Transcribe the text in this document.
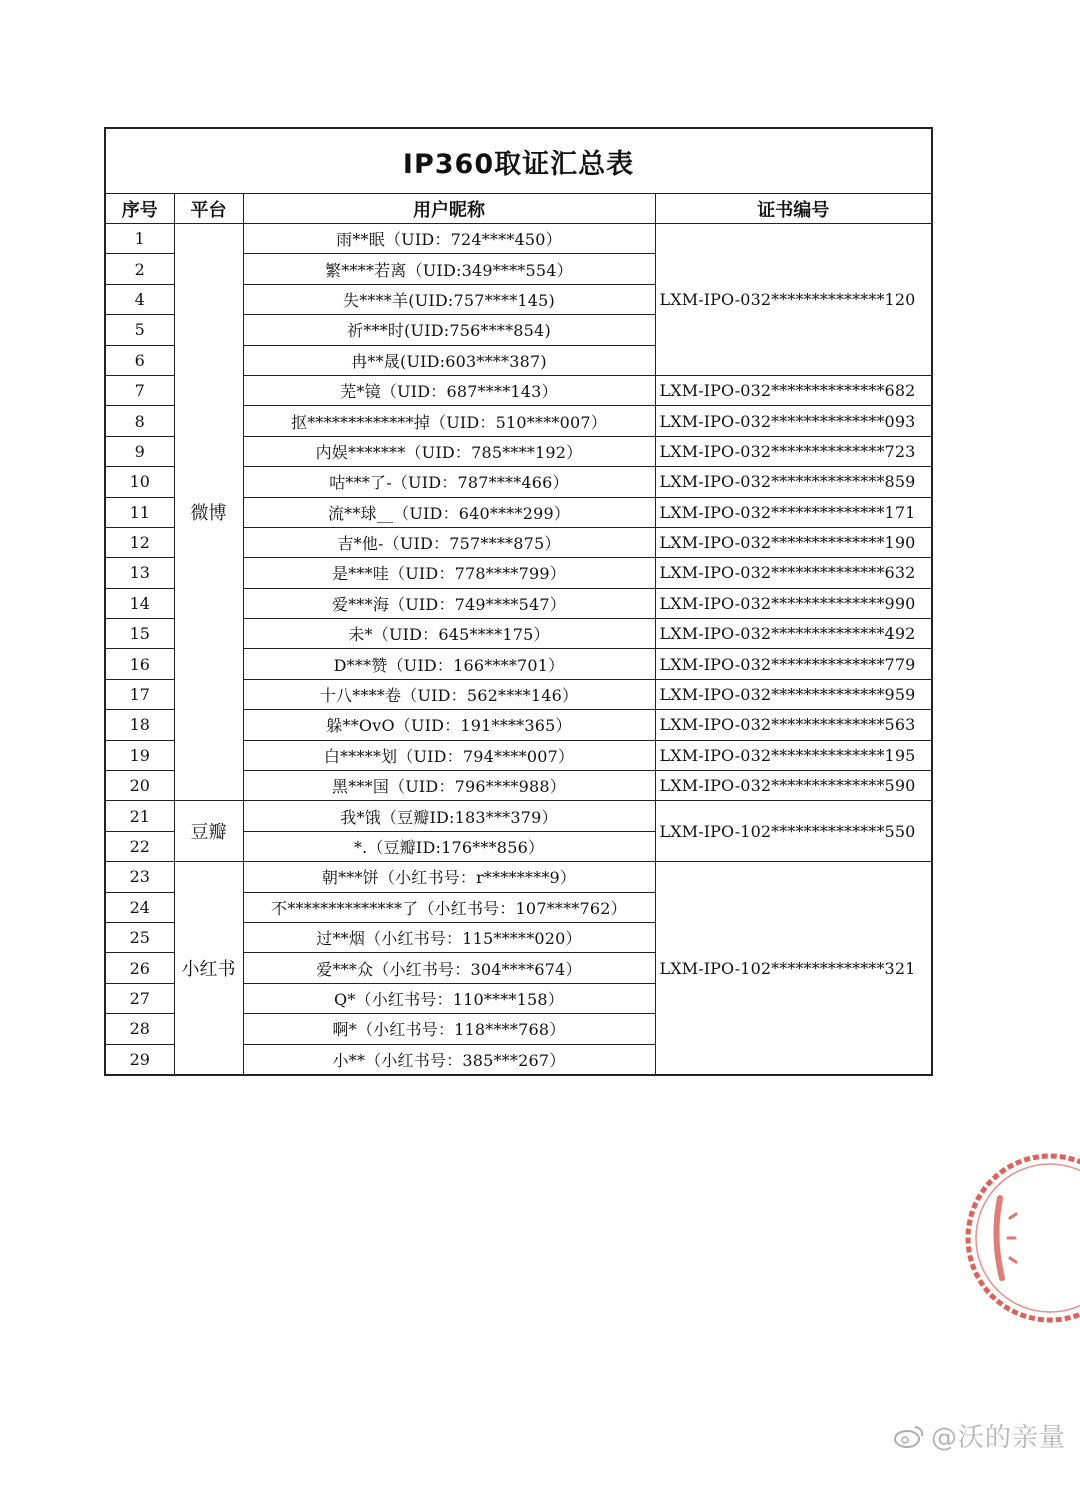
IP360取证汇总表			
序号	平台	用户昵称	证书编号
1	微博	雨**眠（UID：724****450）	LXM-IPO-032**************120
2		繁****若离（UID:349****554）	
4		失****羊(UID:757****145)	
5		祈***时(UID:756****854)	
6		冉**晟(UID:603****387)	
7		芜*镜（UID：687****143）	LXM-IPO-032**************682
8		抠*************掉（UID：510****007）	LXM-IPO-032**************093
9		内娱*******（UID：785****192）	LXM-IPO-032**************723
10		咕***了-（UID：787****466）	LXM-IPO-032**************859
11		流**球__（UID：640****299）	LXM-IPO-032**************171
12		吉*他-（UID：757****875）	LXM-IPO-032**************190
13		是***哇（UID：778****799）	LXM-IPO-032**************632
14		爱***海（UID：749****547）	LXM-IPO-032**************990
15		未*（UID：645****175）	LXM-IPO-032**************492
16		D***赞（UID：166****701）	LXM-IPO-032**************779
17		十八****卷（UID：562****146）	LXM-IPO-032**************959
18		躲**OvO（UID：191****365）	LXM-IPO-032**************563
19		白*****划（UID：794****007）	LXM-IPO-032**************195
20		黑***国（UID：796****988）	LXM-IPO-032**************590
21	豆瓣	我*饿（豆瓣ID:183***379）	LXM-IPO-102**************550
22		*.（豆瓣ID:176***856）	
23	小红书	朝***饼（小红书号：r********9）	LXM-IPO-102**************321
24		不**************了（小红书号：107****762）	
25		过**烟（小红书号：115*****020）	
26		爱***众（小红书号：304****674）	
27		Q*（小红书号：110****158）	
28		啊*（小红书号：118****768）	
29		小**（小红书号：385***267）	
@沃的亲量
